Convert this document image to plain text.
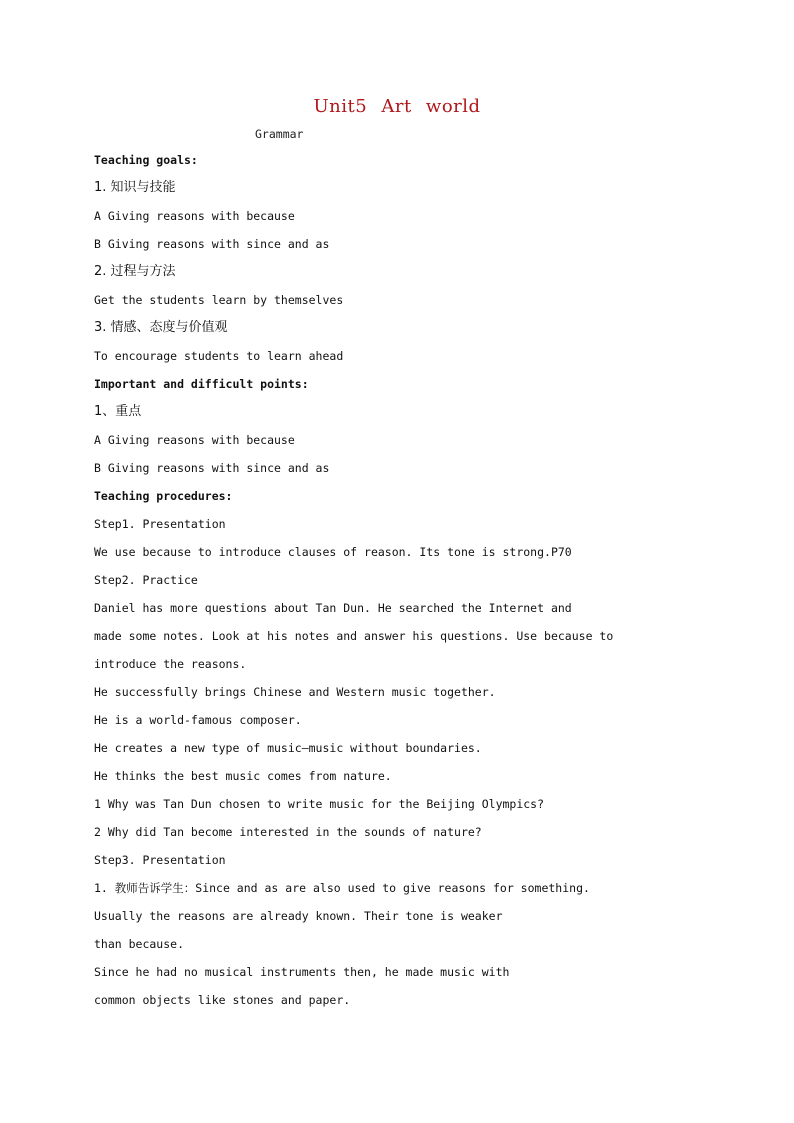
Unit5 Art world
Grammar
Teaching goals:
1. 知识与技能
A Giving reasons with because
B Giving reasons with since and as
2. 过程与方法
Get the students learn by themselves
3. 情感、态度与价值观
To encourage students to learn ahead
Important and difficult points:
1、重点
A Giving reasons with because
B Giving reasons with since and as
Teaching procedures:
Step1. Presentation
We use because to introduce clauses of reason. Its tone is strong.P70
Step2. Practice
Daniel has more questions about Tan Dun. He searched the Internet and
made some notes. Look at his notes and answer his questions. Use because to
introduce the reasons.
He successfully brings Chinese and Western music together.
He is a world-famous composer.
He creates a new type of music—music without boundaries.
He thinks the best music comes from nature.
1 Why was Tan Dun chosen to write music for the Beijing Olympics?
2 Why did Tan become interested in the sounds of nature?
Step3. Presentation
1. 教师告诉学生：Since and as are also used to give reasons for something.
Usually the reasons are already known. Their tone is weaker
than because.
Since he had no musical instruments then, he made music with
common objects like stones and paper.
